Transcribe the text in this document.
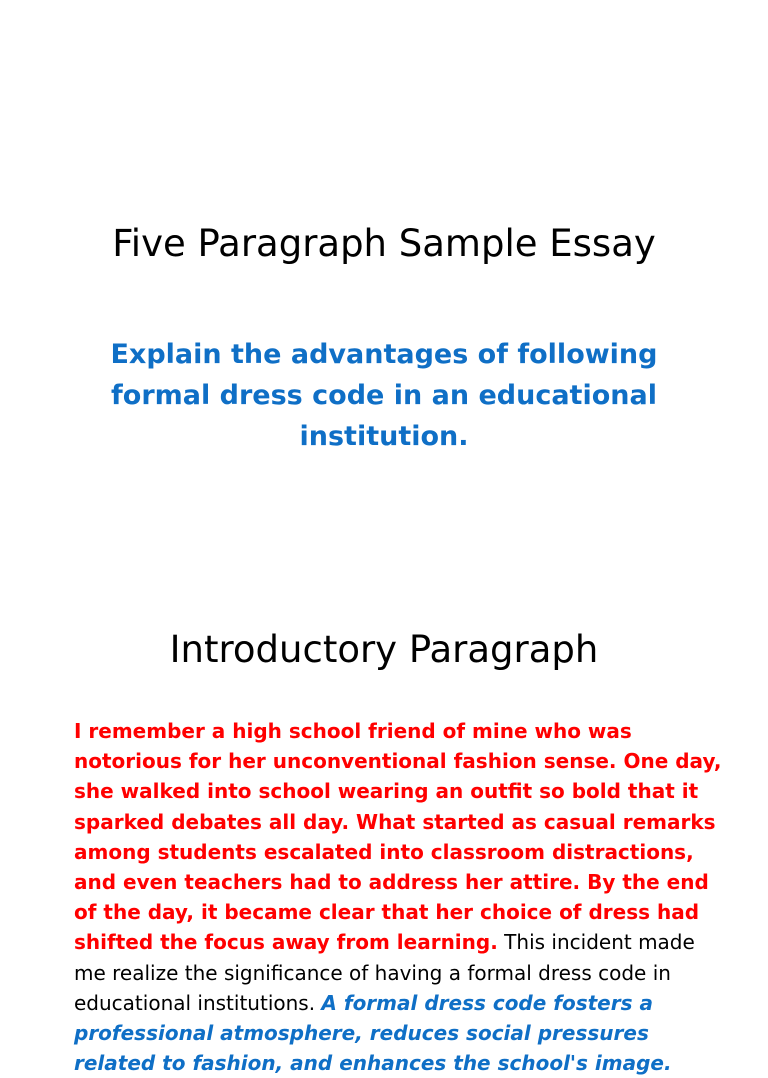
Five Paragraph Sample Essay

Explain the advantages of following formal dress code in an educational institution.

Introductory Paragraph

I remember a high school friend of mine who was notorious for her unconventional fashion sense. One day, she walked into school wearing an outfit so bold that it sparked debates all day. What started as casual remarks among students escalated into classroom distractions, and even teachers had to address her attire. By the end of the day, it became clear that her choice of dress had shifted the focus away from learning. This incident made me realize the significance of having a formal dress code in educational institutions. A formal dress code fosters a professional atmosphere, reduces social pressures related to fashion, and enhances the school's image.
